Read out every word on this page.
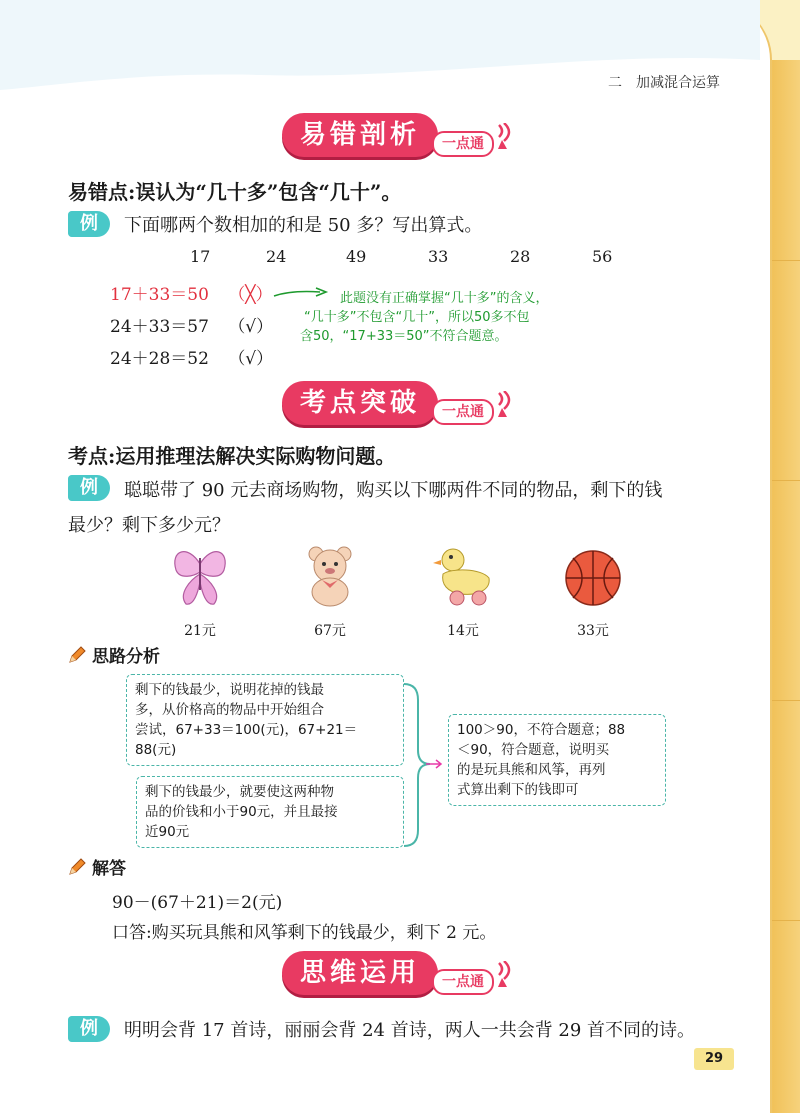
二　加减混合运算
易错剖析	一点通
易错点:误认为“几十多”包含“几十”。
例	下面哪两个数相加的和是 50 多？写出算式。
17	24	49	33	28	56
17＋33＝50 （╳）
24＋33＝57 （√）
24＋28＝52 （√）
此题没有正确掌握“几十多”的含义，
“几十多”不包含“几十”，所以50多不包
含50，“17+33＝50”不符合题意。
考点突破	一点通
考点:运用推理法解决实际购物问题。
例	聪聪带了 90 元去商场购物，购买以下哪两件不同的物品，剩下的钱
最少？剩下多少元？
21元	67元	14元	33元
思路分析
剩下的钱最少，说明花掉的钱最
多，从价格高的物品中开始组合
尝试，67+33＝100(元)，67+21＝
88(元)
剩下的钱最少，就要使这两种物
品的价钱和小于90元，并且最接
近90元
100＞90，不符合题意；88
＜90，符合题意，说明买
的是玩具熊和风筝，再列
式算出剩下的钱即可
解答
90－(67＋21)＝2(元)
口答:购买玩具熊和风筝剩下的钱最少，剩下 2 元。
思维运用	一点通
例	明明会背 17 首诗，丽丽会背 24 首诗，两人一共会背 29 首不同的诗。
29
